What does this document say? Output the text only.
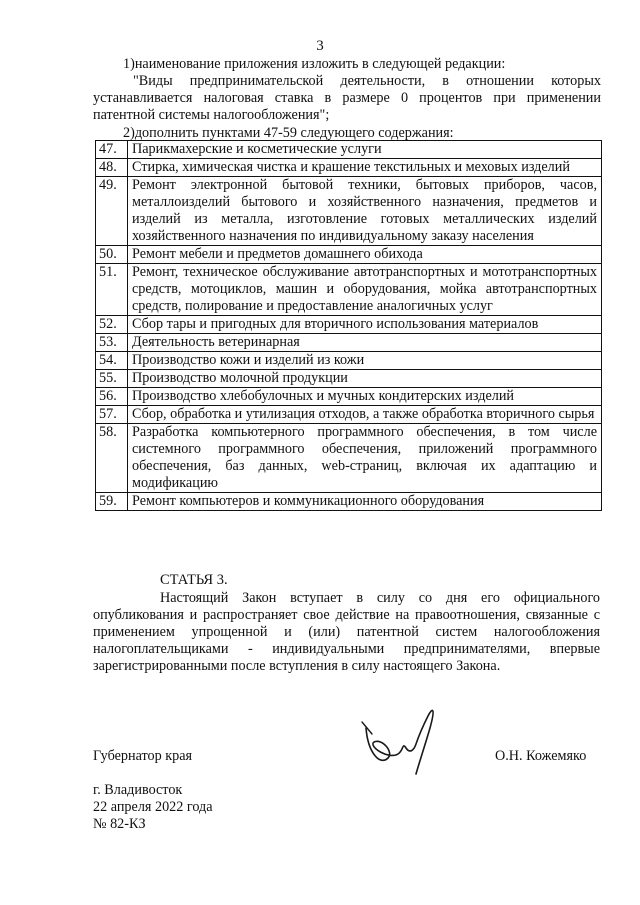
3

1)наименование приложения изложить в следующей редакции:

"Виды предпринимательской деятельности, в отношении которых устанавливается налоговая ставка в размере 0 процентов при применении патентной системы налогообложения";

2)дополнить пунктами 47-59 следующего содержания:

47.	Парикмахерские и косметические услуги
48.	Стирка, химическая чистка и крашение текстильных и меховых изделий
49.	Ремонт электронной бытовой техники, бытовых приборов, часов, металлоизделий бытового и хозяйственного назначения, предметов и изделий из металла, изготовление готовых металлических изделий хозяйственного назначения по индивидуальному заказу населения
50.	Ремонт мебели и предметов домашнего обихода
51.	Ремонт, техническое обслуживание автотранспортных и мототранспортных средств, мотоциклов, машин и оборудования, мойка автотранспортных средств, полирование и предоставление аналогичных услуг
52.	Сбор тары и пригодных для вторичного использования материалов
53.	Деятельность ветеринарная
54.	Производство кожи и изделий из кожи
55.	Производство молочной продукции
56.	Производство хлебобулочных и мучных кондитерских изделий
57.	Сбор, обработка и утилизация отходов, а также обработка вторичного сырья
58.	Разработка компьютерного программного обеспечения, в том числе системного программного обеспечения, приложений программного обеспечения, баз данных, web-страниц, включая их адаптацию и модификацию
59.	Ремонт компьютеров и коммуникационного оборудования
СТАТЬЯ 3.

Настоящий Закон вступает в силу со дня его официального опубликования и распространяет свое действие на правоотношения, связанные с применением упрощенной и (или) патентной систем налогообложения налогоплательщиками - индивидуальными предпринимателями, впервые зарегистрированными после вступления в силу настоящего Закона.

Губернатор края	О.Н. Кожемяко
г. Владивосток
22 апреля 2022 года
№ 82-КЗ
